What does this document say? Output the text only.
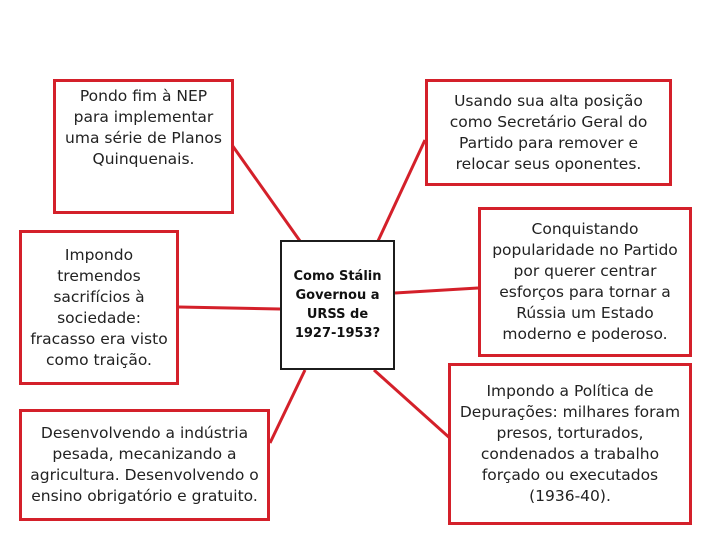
Pondo fim à NEP para implementar uma série de Planos Quinquenais.
Usando sua alta posição como Secretário Geral do Partido para remover e relocar seus oponentes.
Impondo tremendos sacrifícios à sociedade: fracasso era visto como traição.
Desenvolvendo a indústria pesada, mecanizando a agricultura. Desenvolvendo o ensino obrigatório e gratuito.
Conquistando popularidade no Partido por querer centrar esforços para tornar a Rússia um Estado moderno e poderoso.
Impondo a Política de Depurações: milhares foram presos, torturados, condenados a trabalho forçado ou executados (1936-40).
Como Stálin Governou a URSS de 1927-1953?
